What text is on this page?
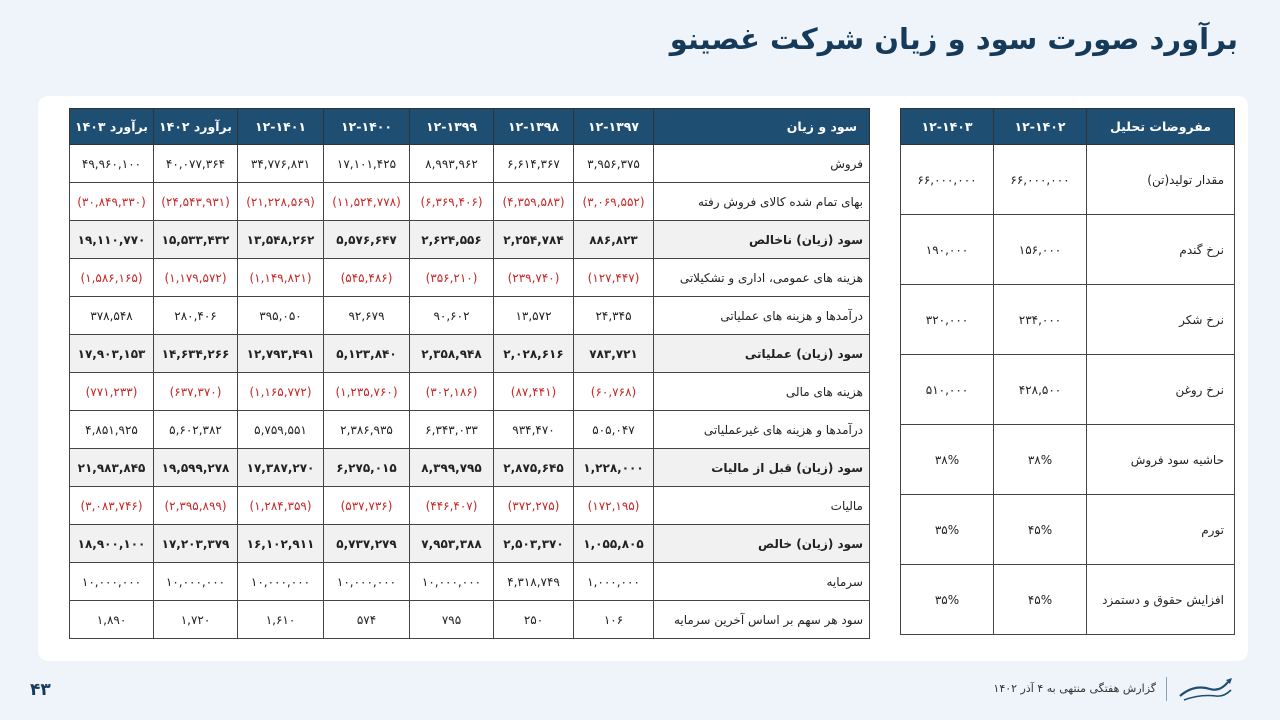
برآورد صورت سود و زیان شرکت غصینو
سود و زیان	۱۲-۱۳۹۷	۱۲-۱۳۹۸	۱۲-۱۳۹۹	۱۲-۱۴۰۰	۱۲-۱۴۰۱	برآورد ۱۴۰۲	برآورد ۱۴۰۳
فروش	۳,۹۵۶,۳۷۵	۶,۶۱۴,۳۶۷	۸,۹۹۳,۹۶۲	۱۷,۱۰۱,۴۲۵	۳۴,۷۷۶,۸۳۱	۴۰,۰۷۷,۳۶۴	۴۹,۹۶۰,۱۰۰
بهای تمام شده کالای فروش رفته	(۳,۰۶۹,۵۵۲)	(۴,۳۵۹,۵۸۳)	(۶,۳۶۹,۴۰۶)	(۱۱,۵۲۴,۷۷۸)	(۲۱,۲۲۸,۵۶۹)	(۲۴,۵۴۳,۹۳۱)	(۳۰,۸۴۹,۳۳۰)
سود (زیان) ناخالص	۸۸۶,۸۲۳	۲,۲۵۴,۷۸۴	۲,۶۲۴,۵۵۶	۵,۵۷۶,۶۴۷	۱۳,۵۴۸,۲۶۲	۱۵,۵۳۳,۴۳۲	۱۹,۱۱۰,۷۷۰
هزینه های عمومی، اداری و تشکیلاتی	(۱۲۷,۴۴۷)	(۲۳۹,۷۴۰)	(۳۵۶,۲۱۰)	(۵۴۵,۴۸۶)	(۱,۱۴۹,۸۲۱)	(۱,۱۷۹,۵۷۲)	(۱,۵۸۶,۱۶۵)
درآمدها و هزینه های عملیاتی	۲۴,۳۴۵	۱۳,۵۷۲	۹۰,۶۰۲	۹۲,۶۷۹	۳۹۵,۰۵۰	۲۸۰,۴۰۶	۳۷۸,۵۴۸
سود (زیان) عملیاتی	۷۸۳,۷۲۱	۲,۰۲۸,۶۱۶	۲,۳۵۸,۹۴۸	۵,۱۲۳,۸۴۰	۱۲,۷۹۳,۴۹۱	۱۴,۶۳۴,۲۶۶	۱۷,۹۰۳,۱۵۳
هزینه های مالی	(۶۰,۷۶۸)	(۸۷,۴۴۱)	(۳۰۲,۱۸۶)	(۱,۲۳۵,۷۶۰)	(۱,۱۶۵,۷۷۲)	(۶۳۷,۳۷۰)	(۷۷۱,۲۳۳)
درآمدها و هزینه های غیرعملیاتی	۵۰۵,۰۴۷	۹۳۴,۴۷۰	۶,۳۴۳,۰۳۳	۲,۳۸۶,۹۳۵	۵,۷۵۹,۵۵۱	۵,۶۰۲,۳۸۲	۴,۸۵۱,۹۲۵
سود (زیان) قبل از مالیات	۱,۲۲۸,۰۰۰	۲,۸۷۵,۶۴۵	۸,۳۹۹,۷۹۵	۶,۲۷۵,۰۱۵	۱۷,۳۸۷,۲۷۰	۱۹,۵۹۹,۲۷۸	۲۱,۹۸۳,۸۴۵
مالیات	(۱۷۲,۱۹۵)	(۳۷۲,۲۷۵)	(۴۴۶,۴۰۷)	(۵۳۷,۷۳۶)	(۱,۲۸۴,۳۵۹)	(۲,۳۹۵,۸۹۹)	(۳,۰۸۳,۷۴۶)
سود (زیان) خالص	۱,۰۵۵,۸۰۵	۲,۵۰۳,۳۷۰	۷,۹۵۳,۳۸۸	۵,۷۳۷,۲۷۹	۱۶,۱۰۲,۹۱۱	۱۷,۲۰۳,۳۷۹	۱۸,۹۰۰,۱۰۰
سرمایه	۱,۰۰۰,۰۰۰	۴,۳۱۸,۷۴۹	۱۰,۰۰۰,۰۰۰	۱۰,۰۰۰,۰۰۰	۱۰,۰۰۰,۰۰۰	۱۰,۰۰۰,۰۰۰	۱۰,۰۰۰,۰۰۰
سود هر سهم بر اساس آخرین سرمایه	۱۰۶	۲۵۰	۷۹۵	۵۷۴	۱,۶۱۰	۱,۷۲۰	۱,۸۹۰
مفروضات تحلیل	۱۲-۱۴۰۲	۱۲-۱۴۰۳
مقدار تولید(تن)	۶۶,۰۰۰,۰۰۰	۶۶,۰۰۰,۰۰۰
نرخ گندم	۱۵۶,۰۰۰	۱۹۰,۰۰۰
نرخ شکر	۲۳۴,۰۰۰	۳۲۰,۰۰۰
نرخ روغن	۴۲۸,۵۰۰	۵۱۰,۰۰۰
حاشیه سود فروش	۳۸%	۳۸%
تورم	۴۵%	۳۵%
افزایش حقوق و دستمزد	۴۵%	۳۵%
۴۳	گزارش هفتگی منتهی به ۴ آذر ۱۴۰۲
